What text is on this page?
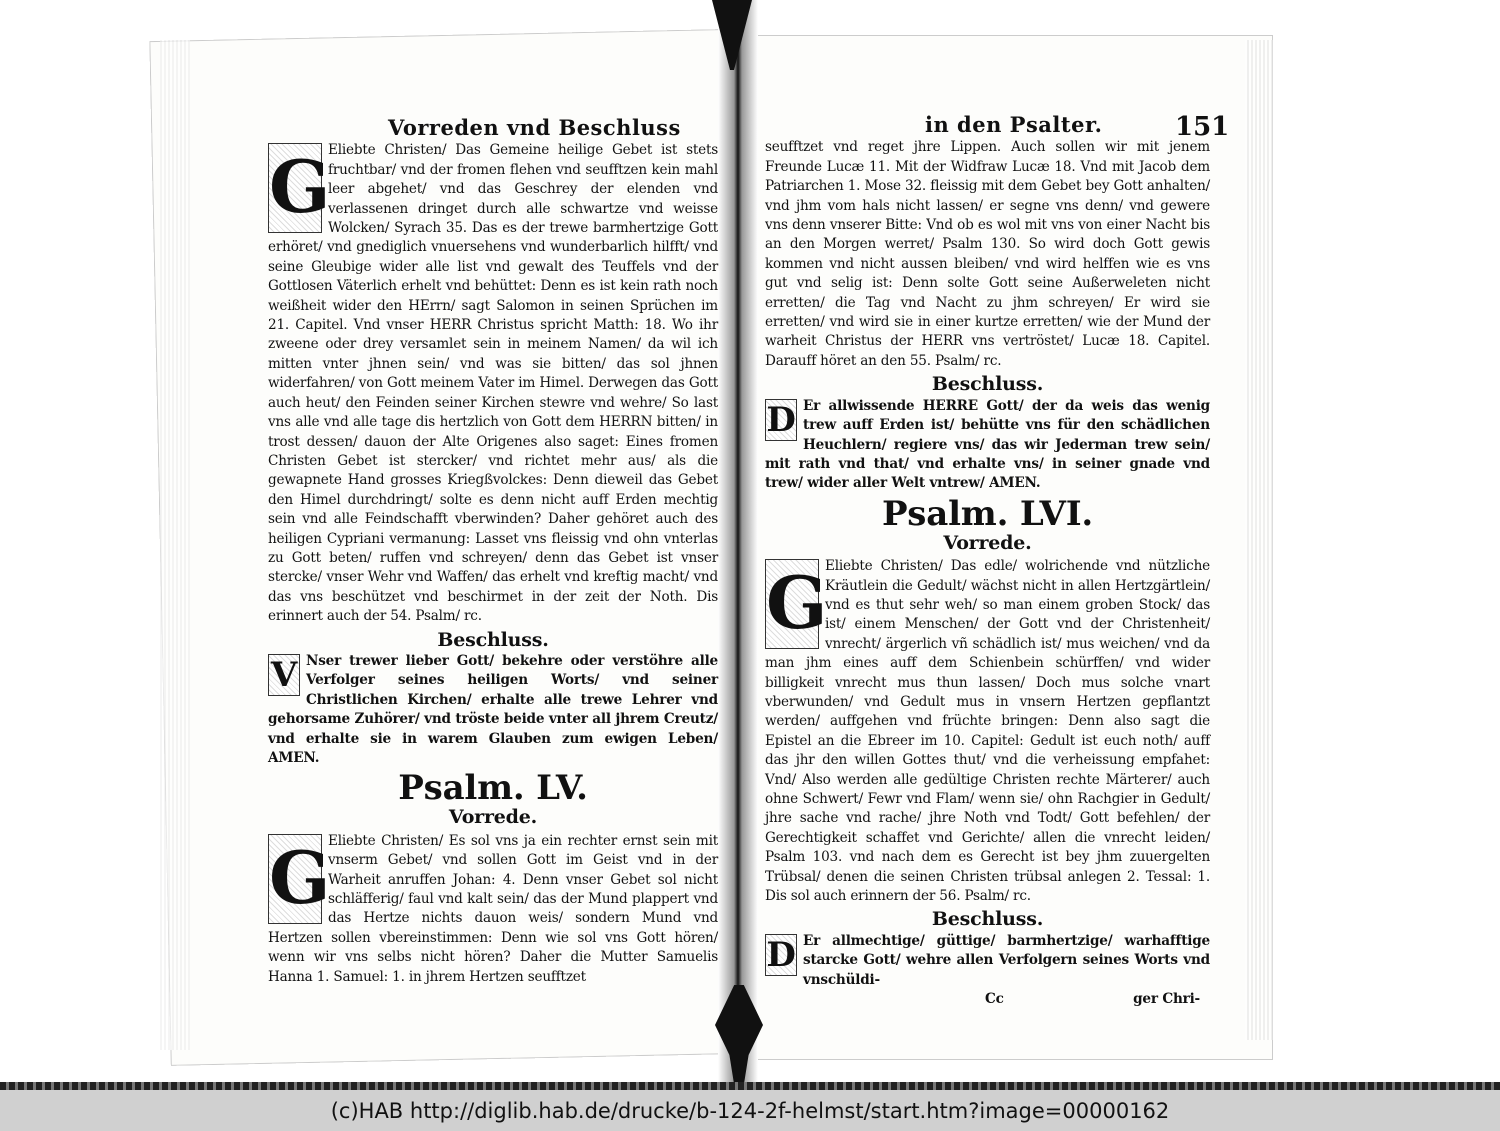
Vorreden vnd Beschluss

G
Eliebte Christen/ Das Gemeine heilige Gebet ist stets fruchtbar/ vnd der fromen flehen vnd seufftzen kein mahl leer abgehet/ vnd das Geschrey der elenden vnd verlassenen dringet durch alle schwartze vnd weisse Wolcken/ Syrach 35. Das es der trewe barmhertzige Gott erhöret/ vnd gnediglich vnuersehens vnd wunderbarlich hilfft/ vnd seine Gleubige wider alle list vnd gewalt des Teuffels vnd der Gottlosen Väterlich erhelt vnd behüttet: Denn es ist kein rath noch weißheit wider den HErrn/ sagt Salomon in seinen Sprüchen im 21. Capitel. Vnd vnser HERR Christus spricht Matth: 18. Wo ihr zweene oder drey versamlet sein in meinem Namen/ da wil ich mitten vnter jhnen sein/ vnd was sie bitten/ das sol jhnen widerfahren/ von Gott meinem Vater im Himel. Derwegen das Gott auch heut/ den Feinden seiner Kirchen stewre vnd wehre/ So last vns alle vnd alle tage dis hertzlich von Gott dem HERRN bitten/ in trost dessen/ dauon der Alte Origenes also saget: Eines fromen Christen Gebet ist stercker/ vnd richtet mehr aus/ als die gewapnete Hand grosses Kriegßvolckes: Denn dieweil das Gebet den Himel durchdringt/ solte es denn nicht auff Erden mechtig sein vnd alle Feindschafft vberwinden? Daher gehöret auch des heiligen Cypriani vermanung: Lasset vns fleissig vnd ohn vnterlas zu Gott beten/ ruffen vnd schreyen/ denn das Gebet ist vnser stercke/ vnser Wehr vnd Waffen/ das erhelt vnd kreftig macht/ vnd das vns beschützet vnd beschirmet in der zeit der Noth. Dis erinnert auch der 54. Psalm/ rc.

Beschluss.

V Nser trewer lieber Gott/ bekehre oder verstöhre alle Verfolger seines heiligen Worts/ vnd seiner Christlichen Kirchen/ erhalte alle trewe Lehrer vnd gehorsame Zuhörer/ vnd tröste beide vnter all jhrem Creutz/ vnd erhalte sie in warem Glauben zum ewigen Leben/ AMEN.

Psalm. LV.
Vorrede.

G
Eliebte Christen/ Es sol vns ja ein rechter ernst sein mit vnserm Gebet/ vnd sollen Gott im Geist vnd in der Warheit anruffen Johan: 4. Denn vnser Gebet sol nicht schläfferig/ faul vnd kalt sein/ das der Mund plappert vnd das Hertze nichts dauon weis/ sondern Mund vnd Hertzen sollen vbereinstimmen: Denn wie sol vns Gott hören/ wenn wir vns selbs nicht hören? Daher die Mutter Samuelis Hanna 1. Samuel: 1. in jhrem Hertzen seufftzet

151
in den Psalter.

seufftzet vnd reget jhre Lippen. Auch sollen wir mit jenem Freunde Lucæ 11. Mit der Widfraw Lucæ 18. Vnd mit Jacob dem Patriarchen 1. Mose 32. fleissig mit dem Gebet bey Gott anhalten/ vnd jhm vom hals nicht lassen/ er segne vns denn/ vnd gewere vns denn vnserer Bitte: Vnd ob es wol mit vns von einer Nacht bis an den Morgen werret/ Psalm 130. So wird doch Gott gewis kommen vnd nicht aussen bleiben/ vnd wird helffen wie es vns gut vnd selig ist: Denn solte Gott seine Außerweleten nicht erretten/ die Tag vnd Nacht zu jhm schreyen/ Er wird sie erretten/ vnd wird sie in einer kurtze erretten/ wie der Mund der warheit Christus der HERR vns vertröstet/ Lucæ 18. Capitel. Darauff höret an den 55. Psalm/ rc.

Beschluss.

D Er allwissende HERRE Gott/ der da weis das wenig trew auff Erden ist/ behütte vns für den schädlichen Heuchlern/ regiere vns/ das wir Jederman trew sein/ mit rath vnd that/ vnd erhalte vns/ in seiner gnade vnd trew/ wider aller Welt vntrew/ AMEN.

Psalm. LVI.
Vorrede.

G
Eliebte Christen/ Das edle/ wolrichende vnd nützliche Kräutlein die Gedult/ wächst nicht in allen Hertzgärtlein/ vnd es thut sehr weh/ so man einem groben Stock/ das ist/ einem Menschen/ der Gott vnd der Christenheit/ vnrecht/ ärgerlich vñ schädlich ist/ mus weichen/ vnd da man jhm eines auff dem Schienbein schürffen/ vnd wider billigkeit vnrecht mus thun lassen/ Doch mus solche vnart vberwunden/ vnd Gedult mus in vnsern Hertzen gepflantzt werden/ auffgehen vnd früchte bringen: Denn also sagt die Epistel an die Ebreer im 10. Capitel: Gedult ist euch noth/ auff das jhr den willen Gottes thut/ vnd die verheissung empfahet: Vnd/ Also werden alle gedültige Christen rechte Märterer/ auch ohne Schwert/ Fewr vnd Flam/ wenn sie/ ohn Rachgier in Gedult/ jhre sache vnd rache/ jhre Noth vnd Todt/ Gott befehlen/ der Gerechtigkeit schaffet vnd Gerichte/ allen die vnrecht leiden/ Psalm 103. vnd nach dem es Gerecht ist bey jhm zuuergelten Trübsal/ denen die seinen Christen trübsal anlegen 2. Tessal: 1. Dis sol auch erinnern der 56. Psalm/ rc.

Beschluss.

D Er allmechtige/ güttige/ barmhertzige/ warhafftige starcke Gott/ wehre allen Verfolgern seines Worts vnd vnschüldi-

Cc	ger Chri-
(c)HAB http://diglib.hab.de/drucke/b-124-2f-helmst/start.htm?image=00000162
